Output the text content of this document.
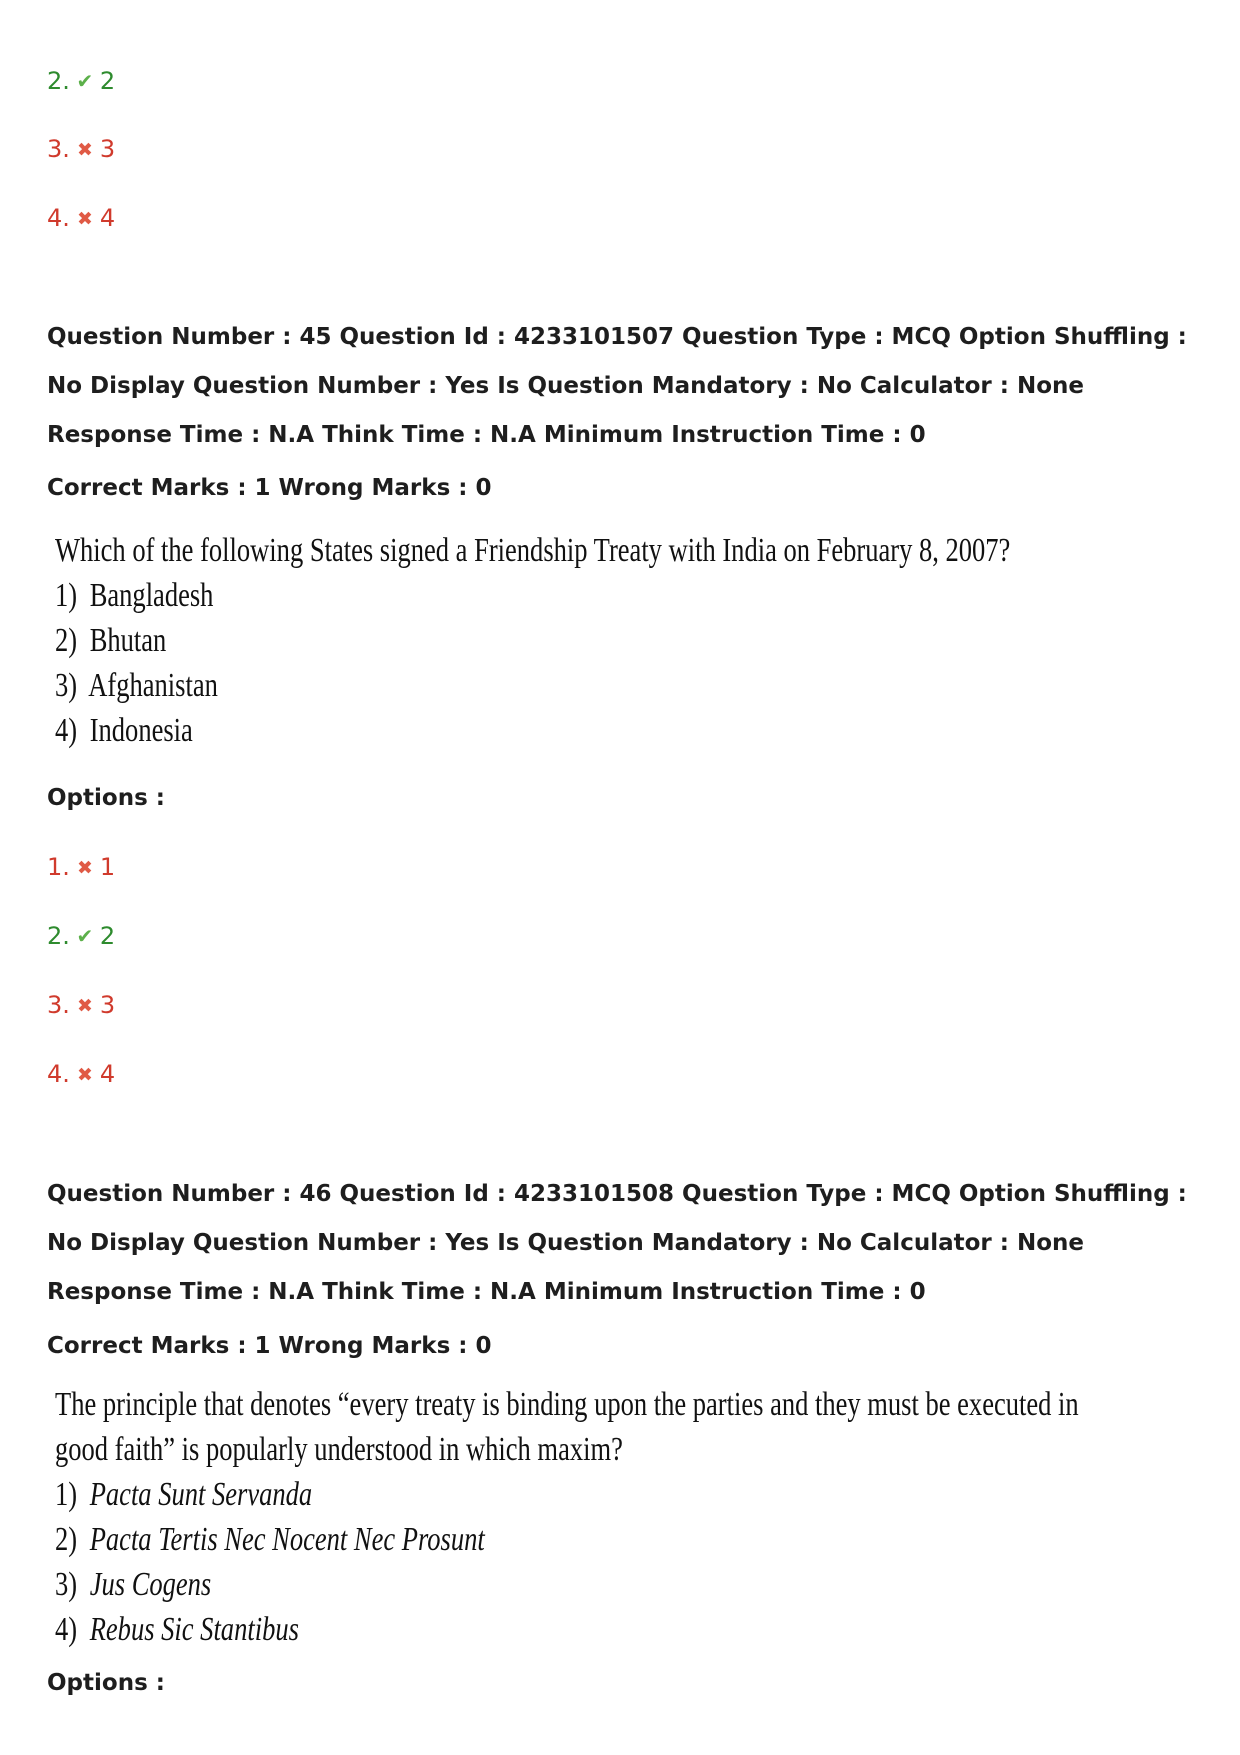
2. ✔ 2
3. ✖ 3
4. ✖ 4
Question Number : 45 Question Id : 4233101507 Question Type : MCQ Option Shuffling : No Display Question Number : Yes Is Question Mandatory : No Calculator : None Response Time : N.A Think Time : N.A Minimum Instruction Time : 0
Correct Marks : 1 Wrong Marks : 0
Which of the following States signed a Friendship Treaty with India on February 8, 2007?
1) Bangladesh
2) Bhutan
3) Afghanistan
4) Indonesia
Options :
1. ✖ 1
2. ✔ 2
3. ✖ 3
4. ✖ 4
Question Number : 46 Question Id : 4233101508 Question Type : MCQ Option Shuffling : No Display Question Number : Yes Is Question Mandatory : No Calculator : None Response Time : N.A Think Time : N.A Minimum Instruction Time : 0
Correct Marks : 1 Wrong Marks : 0
The principle that denotes “every treaty is binding upon the parties and they must be executed in
good faith” is popularly understood in which maxim?
1) Pacta Sunt Servanda
2) Pacta Tertis Nec Nocent Nec Prosunt
3) Jus Cogens
4) Rebus Sic Stantibus
Options :
